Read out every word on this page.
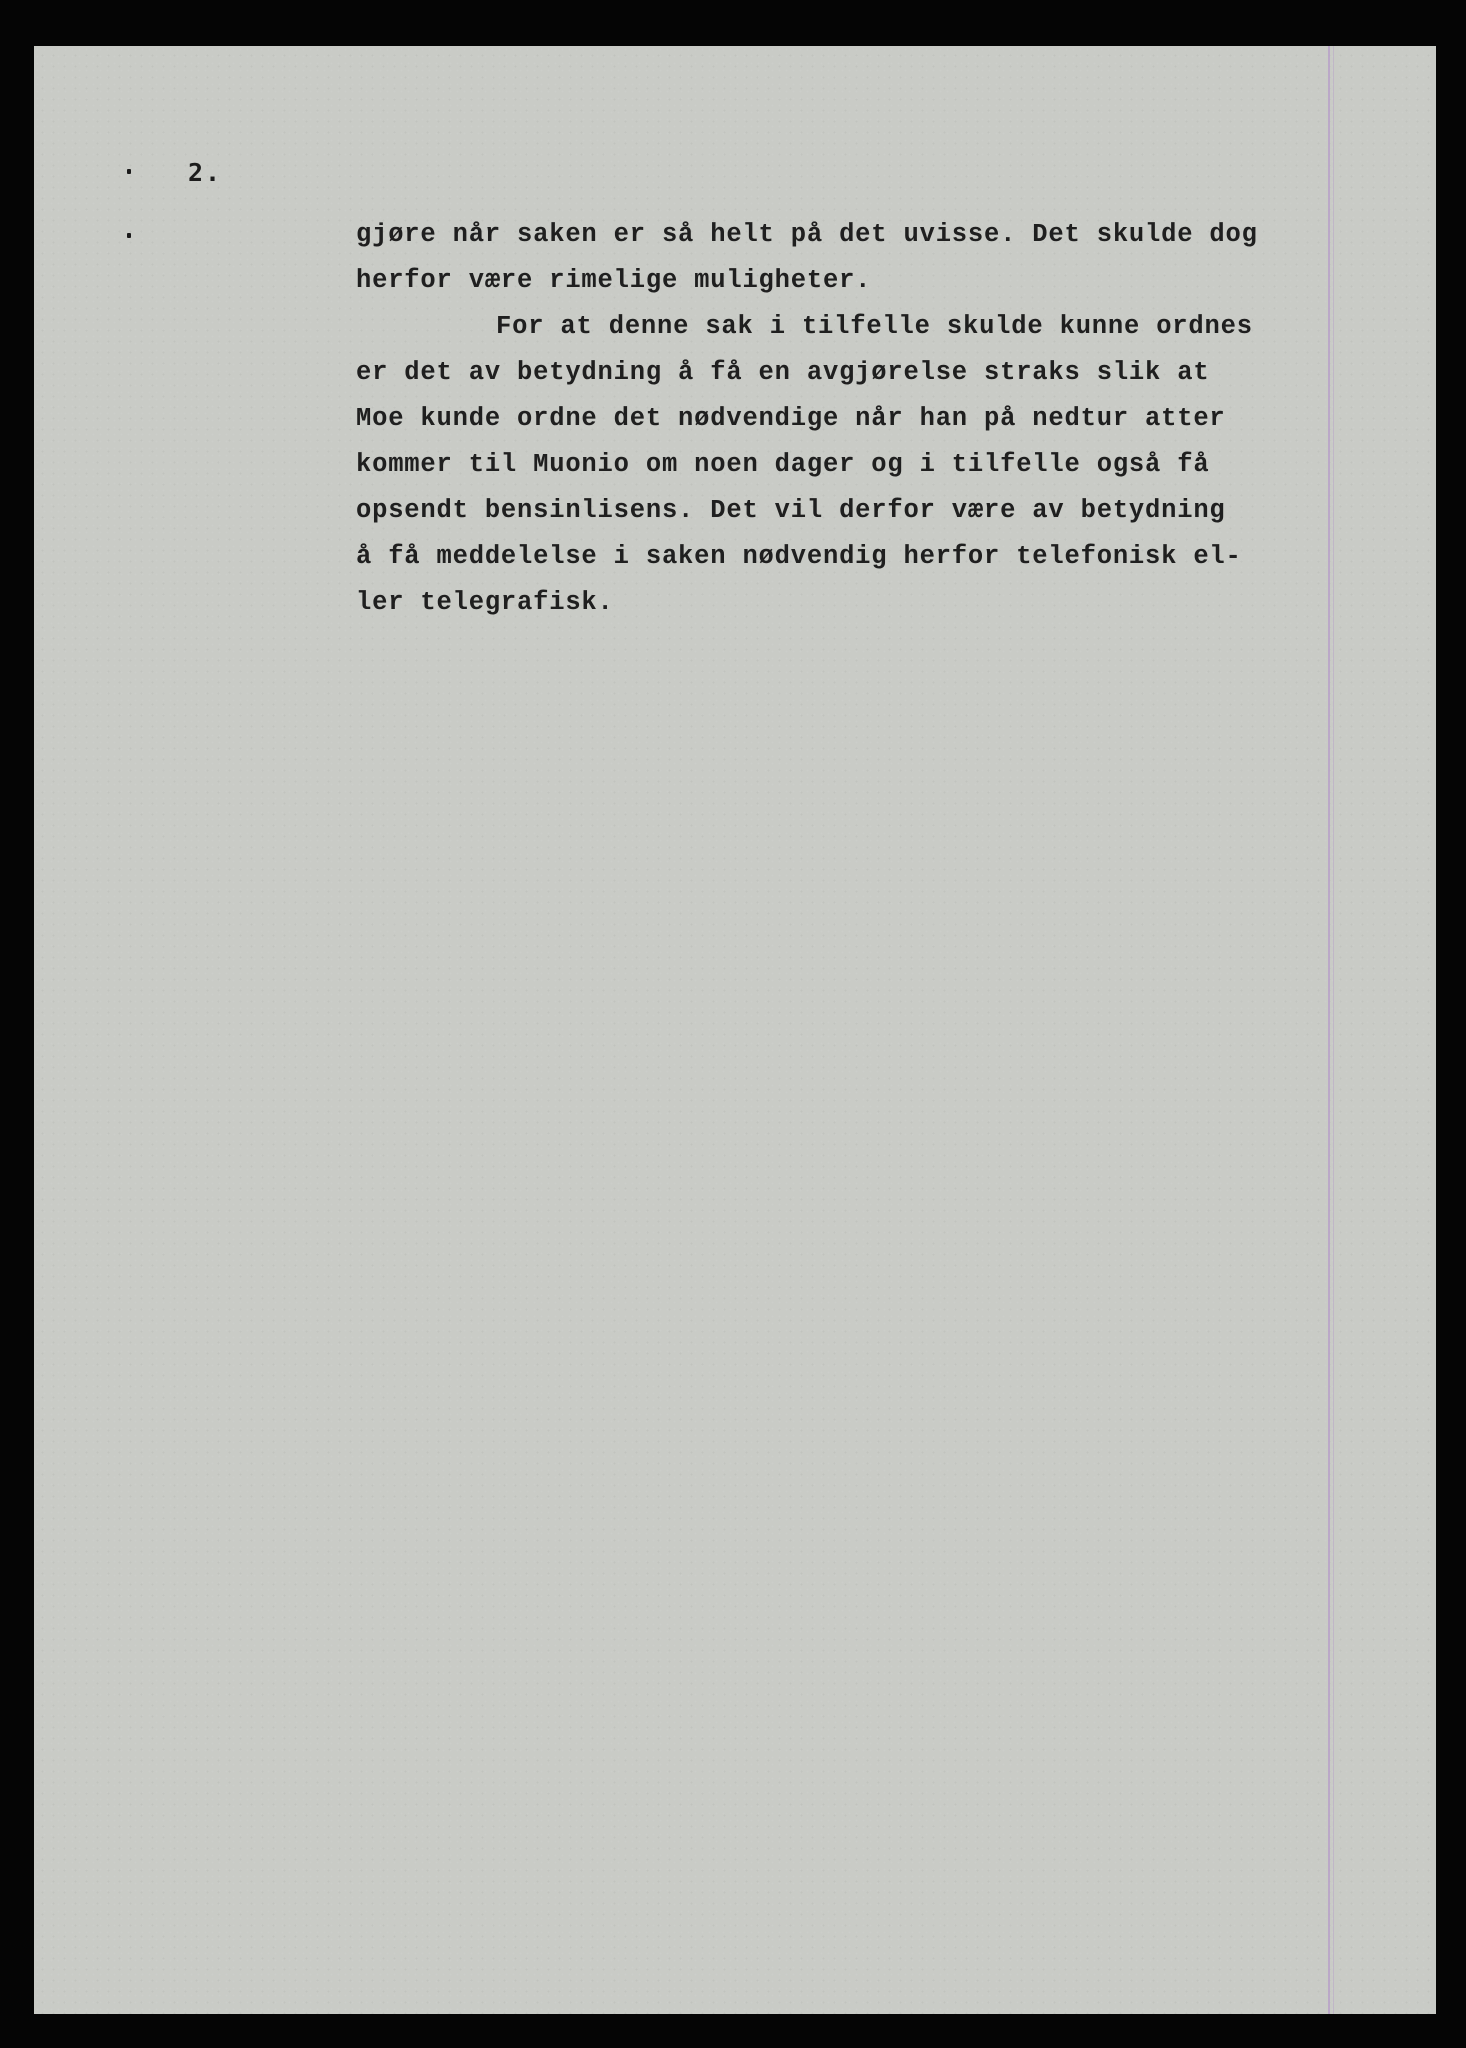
2.
gjøre når saken er så helt på det uvisse. Det skulde dog
herfor være rimelige muligheter.
For at denne sak i tilfelle skulde kunne ordnes
er det av betydning å få en avgjørelse straks slik at
Moe kunde ordne det nødvendige når han på nedtur atter
kommer til Muonio om noen dager og i tilfelle også få
opsendt bensinlisens. Det vil derfor være av betydning
å få meddelelse i saken nødvendig herfor telefonisk el-
ler telegrafisk.
